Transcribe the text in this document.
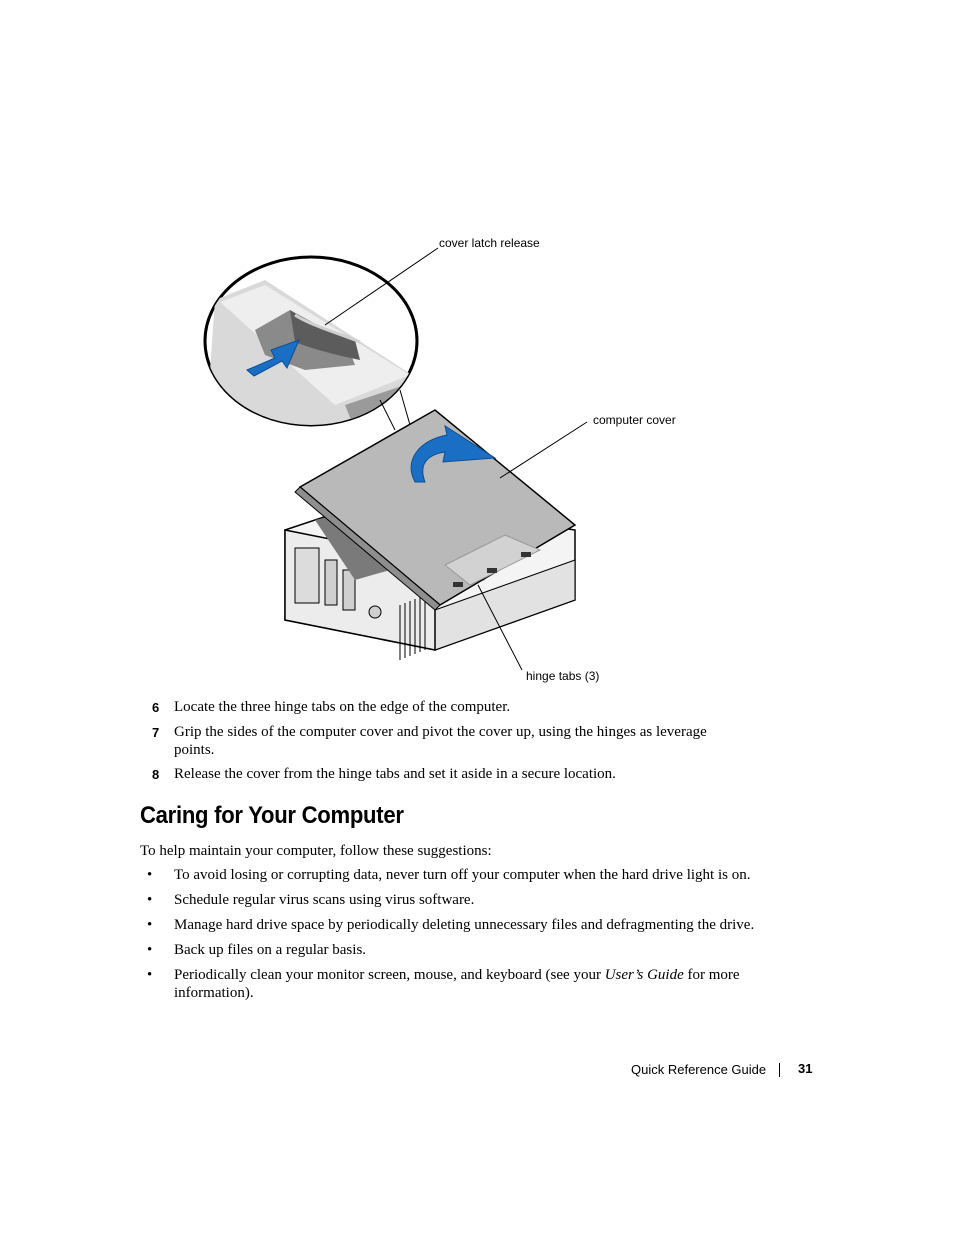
cover latch release
computer cover
hinge tabs (3)
6 Locate the three hinge tabs on the edge of the computer.
7 Grip the sides of the computer cover and pivot the cover up, using the hinges as leverage points.
8 Release the cover from the hinge tabs and set it aside in a secure location.
Caring for Your Computer
To help maintain your computer, follow these suggestions:
•	To avoid losing or corrupting data, never turn off your computer when the hard drive light is on.
•	Schedule regular virus scans using virus software.
•	Manage hard drive space by periodically deleting unnecessary files and defragmenting the drive.
•	Back up files on a regular basis.
•	Periodically clean your monitor screen, mouse, and keyboard (see your User’s Guide for more information).
Quick Reference Guide 31
